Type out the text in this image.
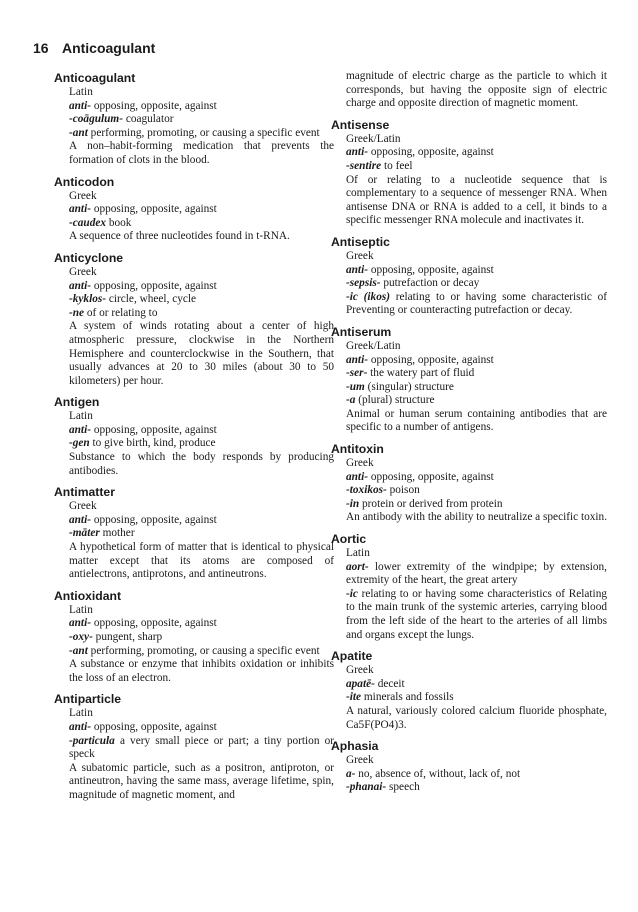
16 Anticoagulant
Anticoagulant
Latin
anti- opposing, opposite, against
-coāgulum- coagulator
-ant performing, promoting, or causing a specific event
A non–habit-forming medication that prevents the formation of clots in the blood.
Anticodon
Greek
anti- opposing, opposite, against
-caudex book
A sequence of three nucleotides found in t-RNA.
Anticyclone
Greek
anti- opposing, opposite, against
-kyklos- circle, wheel, cycle
-ne of or relating to
A system of winds rotating about a center of high atmospheric pressure, clockwise in the Northern Hemisphere and counterclockwise in the Southern, that usually advances at 20 to 30 miles (about 30 to 50 kilometers) per hour.
Antigen
Latin
anti- opposing, opposite, against
-gen to give birth, kind, produce
Substance to which the body responds by producing antibodies.
Antimatter
Greek
anti- opposing, opposite, against
-māter mother
A hypothetical form of matter that is identical to physical matter except that its atoms are composed of antielectrons, antiprotons, and antineutrons.
Antioxidant
Latin
anti- opposing, opposite, against
-oxy- pungent, sharp
-ant performing, promoting, or causing a specific event
A substance or enzyme that inhibits oxidation or inhibits the loss of an electron.
Antiparticle
Latin
anti- opposing, opposite, against
-particula a very small piece or part; a tiny portion or speck
A subatomic particle, such as a positron, antiproton, or antineutron, having the same mass, average lifetime, spin, magnitude of magnetic moment, and
magnitude of electric charge as the particle to which it corresponds, but having the opposite sign of electric charge and opposite direction of magnetic moment.
Antisense
Greek/Latin
anti- opposing, opposite, against
-sentire to feel
Of or relating to a nucleotide sequence that is complementary to a sequence of messenger RNA. When antisense DNA or RNA is added to a cell, it binds to a specific messenger RNA molecule and inactivates it.
Antiseptic
Greek
anti- opposing, opposite, against
-sepsis- putrefaction or decay
-ic (ikos) relating to or having some characteristic of Preventing or counteracting putrefaction or decay.
Antiserum
Greek/Latin
anti- opposing, opposite, against
-ser- the watery part of fluid
-um (singular) structure
-a (plural) structure
Animal or human serum containing antibodies that are specific to a number of antigens.
Antitoxin
Greek
anti- opposing, opposite, against
-toxikos- poison
-in protein or derived from protein
An antibody with the ability to neutralize a specific toxin.
Aortic
Latin
aort- lower extremity of the windpipe; by extension, extremity of the heart, the great artery
-ic relating to or having some characteristics of Relating to the main trunk of the systemic arteries, carrying blood from the left side of the heart to the arteries of all limbs and organs except the lungs.
Apatite
Greek
apatē- deceit
-ite minerals and fossils
A natural, variously colored calcium fluoride phosphate, Ca5F(PO4)3.
Aphasia
Greek
a- no, absence of, without, lack of, not
-phanai- speech
